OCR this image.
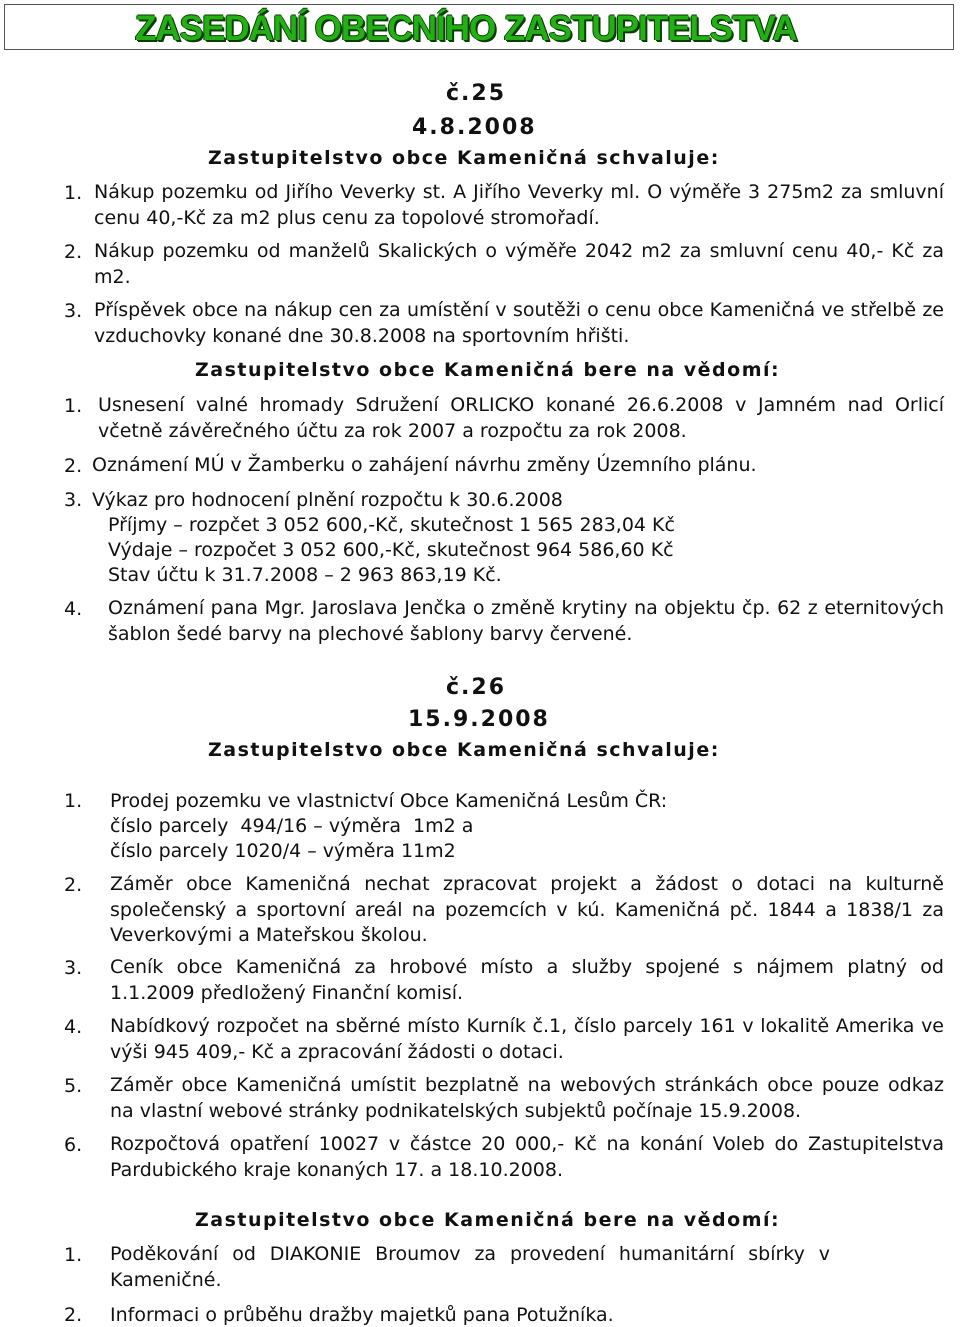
ZASEDÁNÍ OBECNÍHO ZASTUPITELSTVA

č.25

4.8.2008

Zastupitelstvo obce Kameničná schvaluje:

1. Nákup pozemku od Jiřího Veverky st. A Jiřího Veverky ml. O výměře 3 275m2 za smluvní cenu 40,-Kč za m2 plus cenu za topolové stromořadí.

2. Nákup pozemku od manželů Skalických o výměře 2042 m2 za smluvní cenu 40,- Kč za m2.

3. Příspěvek obce na nákup cen za umístění v soutěži o cenu obce Kameničná ve střelbě ze vzduchovky konané dne 30.8.2008 na sportovním hřišti.

Zastupitelstvo obce Kameničná bere na vědomí:

1. Usnesení valné hromady Sdružení ORLICKO konané 26.6.2008 v Jamném nad Orlicí včetně závěrečného účtu za rok 2007 a rozpočtu za rok 2008.

2. Oznámení MÚ v Žamberku o zahájení návrhu změny Územního plánu.

3. Výkaz pro hodnocení plnění rozpočtu k 30.6.2008

Příjmy – rozpčet 3 052 600,-Kč, skutečnost 1 565 283,04 Kč

Výdaje – rozpočet 3 052 600,-Kč, skutečnost 964 586,60 Kč

Stav účtu k 31.7.2008 – 2 963 863,19 Kč.

4. Oznámení pana Mgr. Jaroslava Jenčka o změně krytiny na objektu čp. 62 z eternitových šablon šedé barvy na plechové šablony barvy červené.

č.26

15.9.2008

Zastupitelstvo obce Kameničná schvaluje:

1. Prodej pozemku ve vlastnictví Obce Kameničná Lesům ČR:

číslo parcely  494/16 – výměra  1m2 a

číslo parcely 1020/4 – výměra 11m2

2. Záměr obce Kameničná nechat zpracovat projekt a žádost o dotaci na kulturně společenský a sportovní areál na pozemcích v kú. Kameničná pč. 1844 a 1838/1 za Veverkovými a Mateřskou školou.

3. Ceník obce Kameničná za hrobové místo a služby spojené s nájmem platný od 1.1.2009 předložený Finanční komisí.

4. Nabídkový rozpočet na sběrné místo Kurník č.1, číslo parcely 161 v lokalitě Amerika ve výši 945 409,- Kč a zpracování žádosti o dotaci.

5. Záměr obce Kameničná umístit bezplatně na webových stránkách obce pouze odkaz na vlastní webové stránky podnikatelských subjektů počínaje 15.9.2008.

6. Rozpočtová opatření 10027 v částce 20 000,- Kč na konání Voleb do Zastupitelstva Pardubického kraje konaných 17. a 18.10.2008.

Zastupitelstvo obce Kameničná bere na vědomí:

1. Poděkování od DIAKONIE Broumov za provedení humanitární sbírky v Kameničné.

2. Informaci o průběhu dražby majetků pana Potužníka.
